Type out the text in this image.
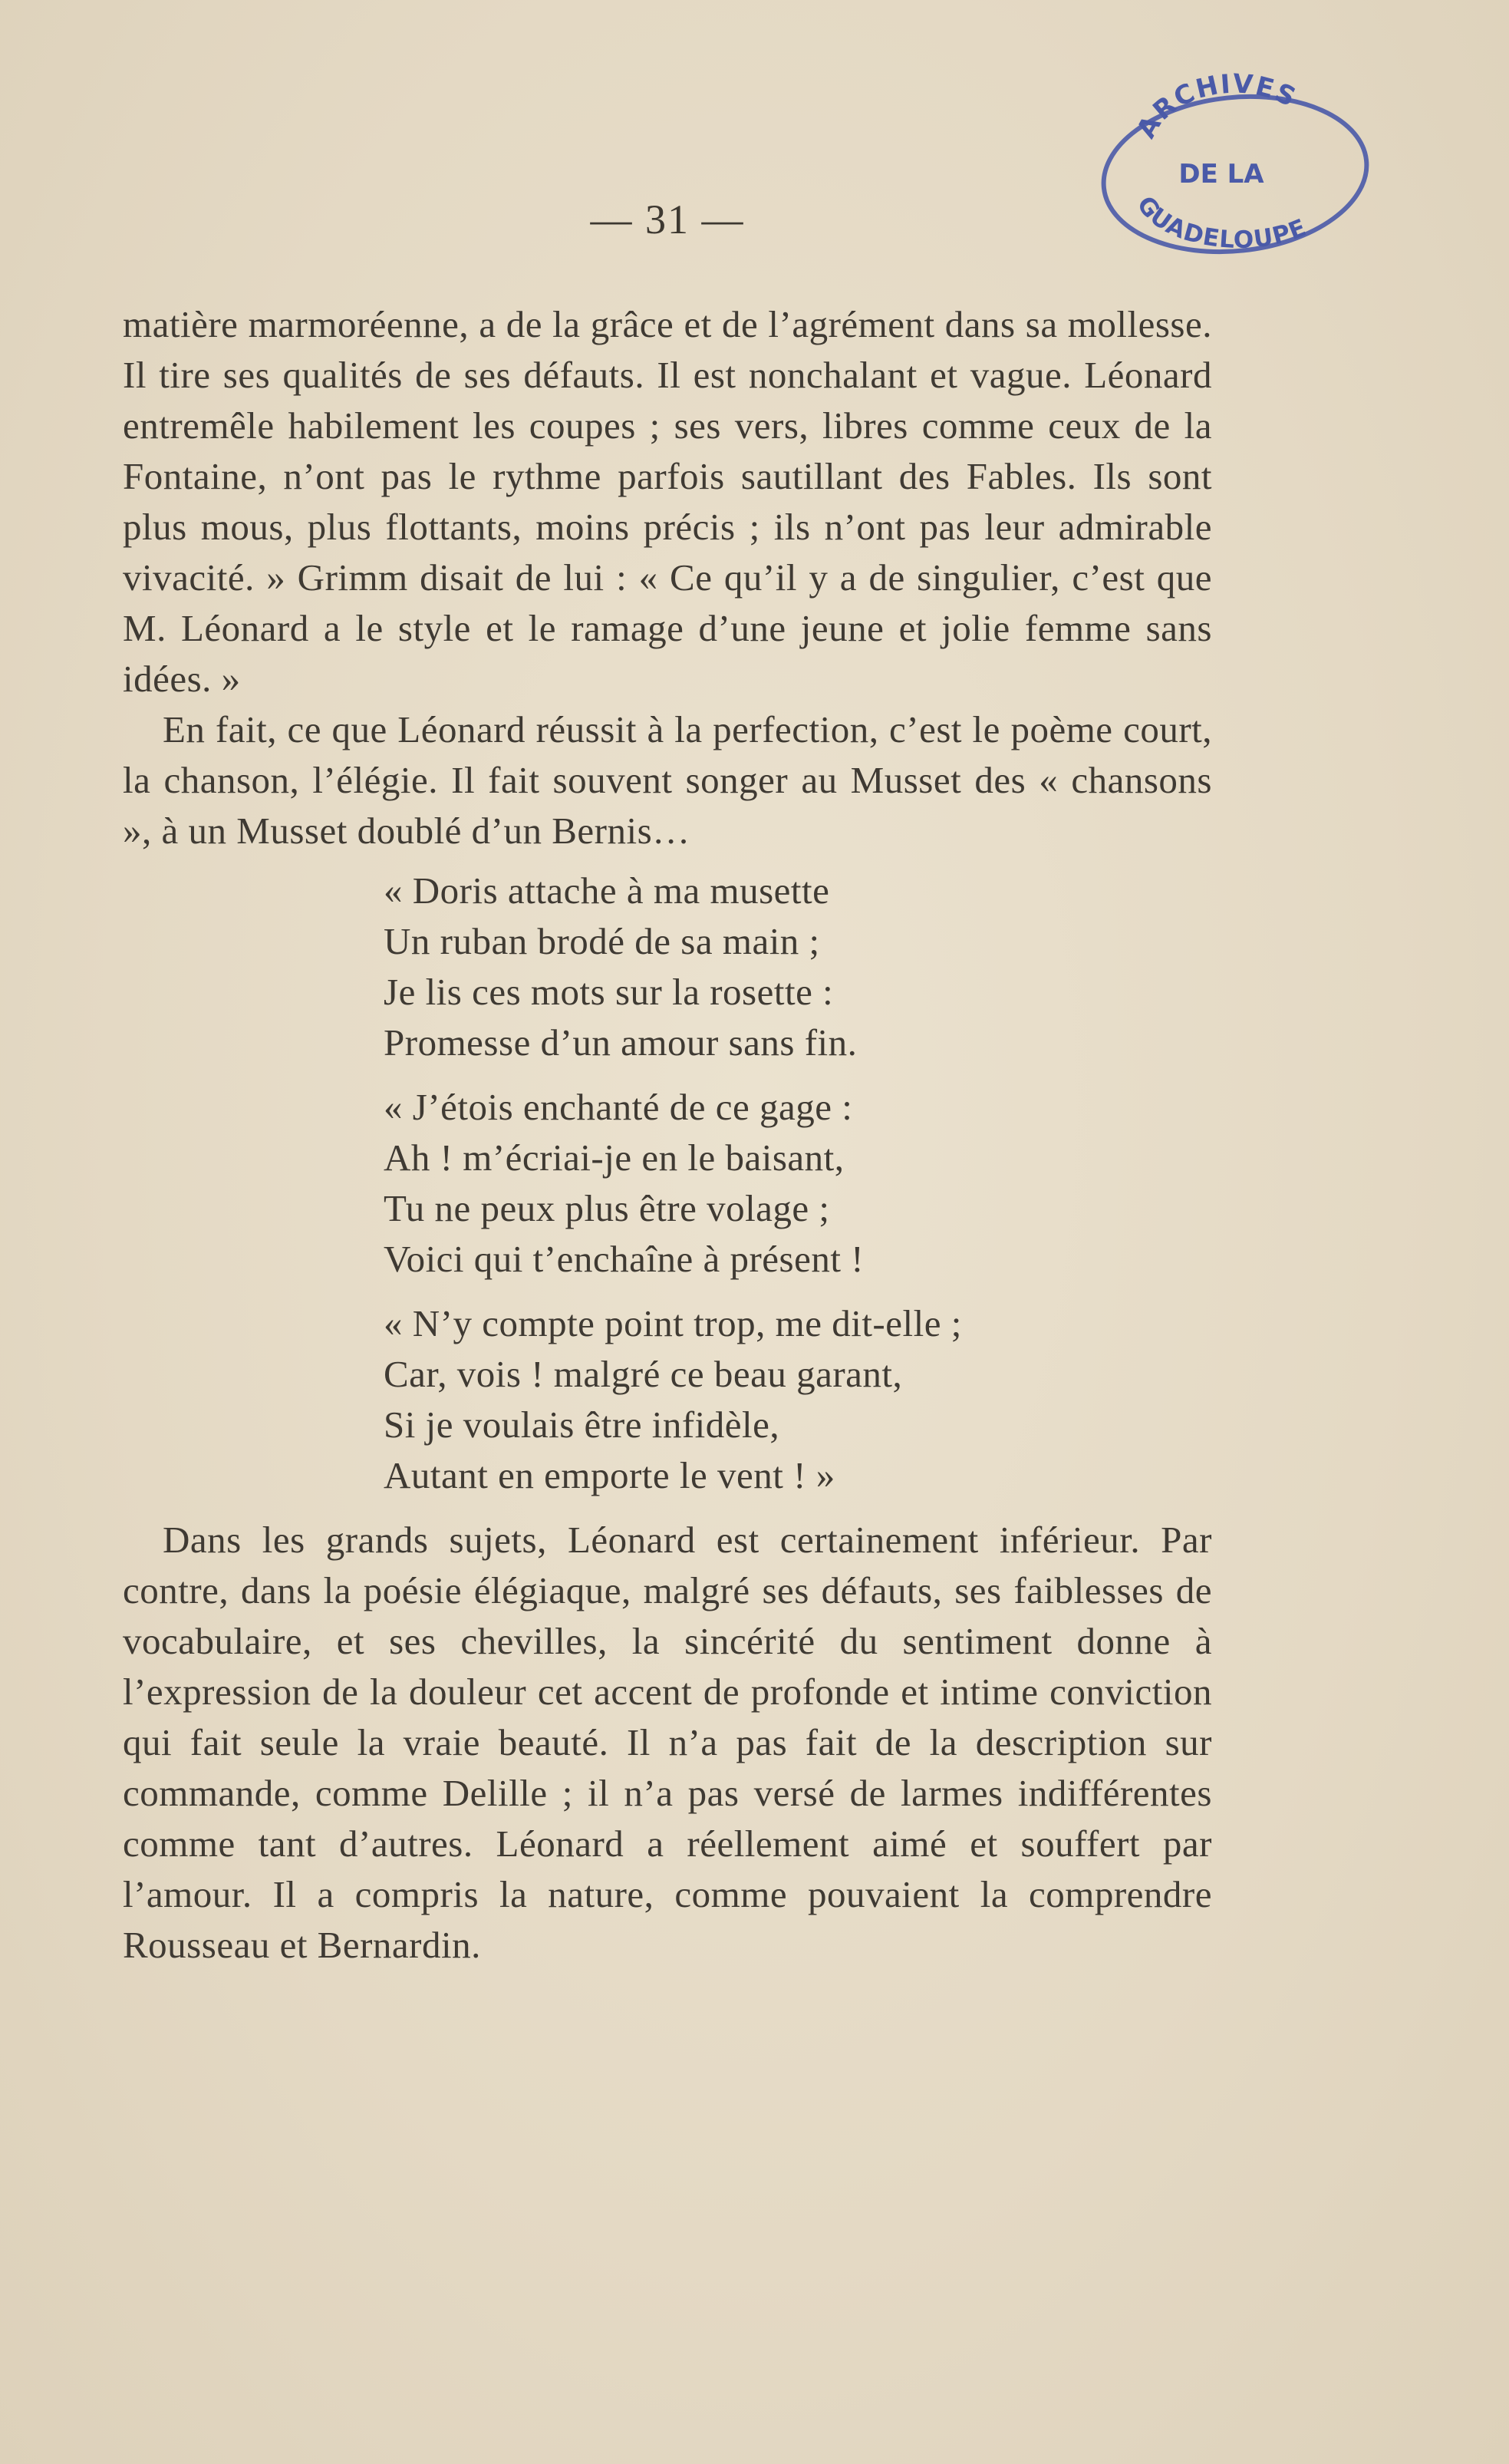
— 31 —
ARCHIVES
DE LA
GUADELOUPE

matière marmoréenne, a de la grâce et de l’agrément dans sa mollesse. Il tire ses qualités de ses défauts. Il est nonchalant et vague. Léonard entremêle habilement les coupes ; ses vers, libres comme ceux de la Fontaine, n’ont pas le rythme parfois sautillant des Fables. Ils sont plus mous, plus flottants, moins précis ; ils n’ont pas leur admirable vivacité. » Grimm disait de lui : « Ce qu’il y a de singulier, c’est que M. Léonard a le style et le ramage d’une jeune et jolie femme sans idées. »

En fait, ce que Léonard réussit à la perfection, c’est le poème court, la chanson, l’élégie. Il fait souvent songer au Musset des « chansons », à un Musset doublé d’un Bernis…

« Doris attache à ma musette
Un ruban brodé de sa main ;
Je lis ces mots sur la rosette :
Promesse d’un amour sans fin.
« J’étois enchanté de ce gage :
Ah ! m’écriai-je en le baisant,
Tu ne peux plus être volage ;
Voici qui t’enchaîne à présent !
« N’y compte point trop, me dit-elle ;
Car, vois ! malgré ce beau garant,
Si je voulais être infidèle,
Autant en emporte le vent ! »

Dans les grands sujets, Léonard est certainement inférieur. Par contre, dans la poésie élégiaque, malgré ses défauts, ses faiblesses de vocabulaire, et ses chevilles, la sincérité du sentiment donne à l’expression de la douleur cet accent de profonde et intime conviction qui fait seule la vraie beauté. Il n’a pas fait de la description sur commande, comme Delille ; il n’a pas versé de larmes indifférentes comme tant d’autres. Léonard a réellement aimé et souffert par l’amour. Il a compris la nature, comme pouvaient la comprendre Rousseau et Bernardin.
